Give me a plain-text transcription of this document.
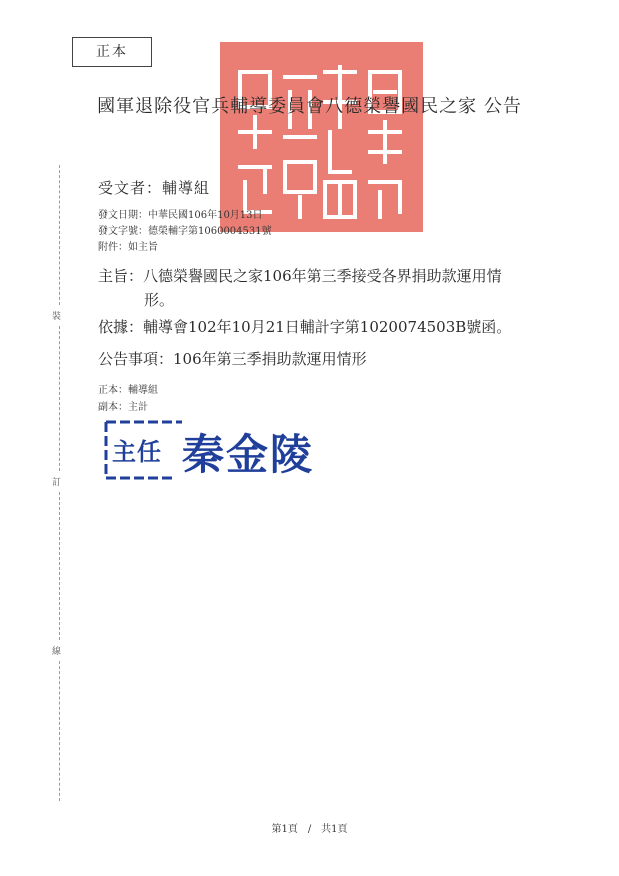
正本
國軍退除役官兵輔導委員會八德榮譽國民之家 公告
受文者：輔導組
發文日期：中華民國106年10月13日
發文字號：德榮輔字第1060004531號
附件：如主旨
主旨：八德榮譽國民之家106年第三季接受各界捐助款運用情
形。
依據：輔導會102年10月21日輔計字第1020074503B號函。
公告事項：106年第三季捐助款運用情形
正本：輔導組
副本：主計
主任 秦金陵
裝
訂
線
第1頁　/　共1頁
